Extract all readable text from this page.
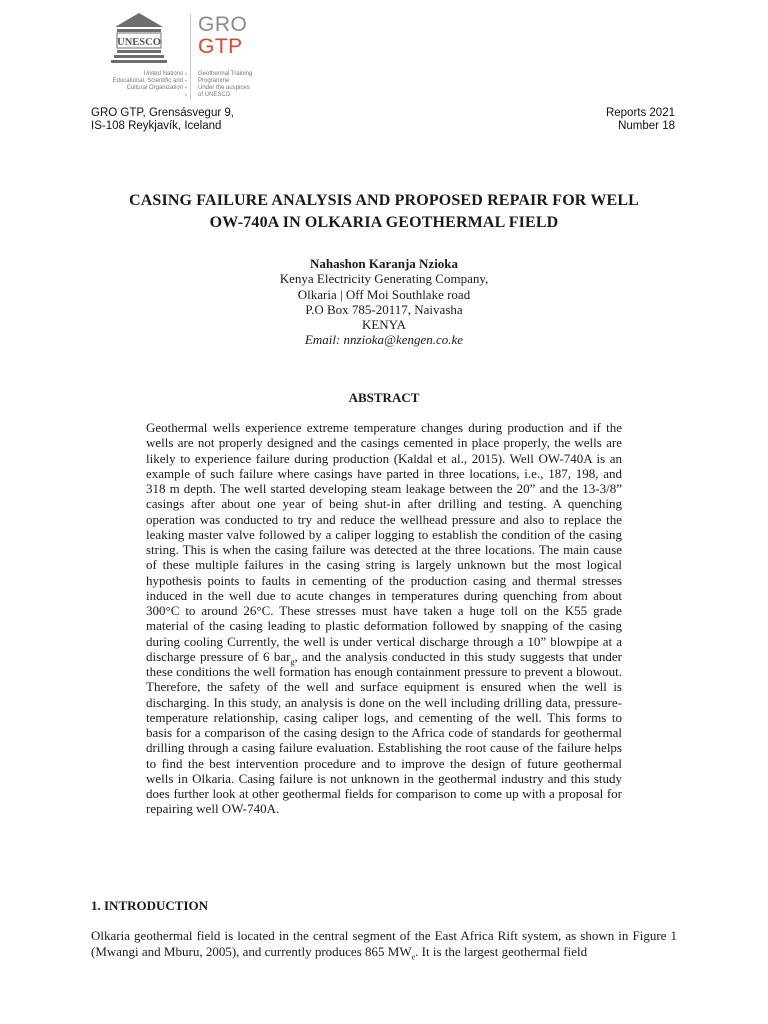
UNESCO
United Nations
Educational, Scientific and
Cultural Organization
•
•
•
•
GRO
GTP
Geothermal Training
Programme
Under the auspices
of UNESCO
GRO GTP, Grensásvegur 9,
IS-108 Reykjavík, Iceland
Reports 2021
Number 18
CASING FAILURE ANALYSIS AND PROPOSED REPAIR FOR WELL
OW-740A IN OLKARIA GEOTHERMAL FIELD
Nahashon Karanja Nzioka
Kenya Electricity Generating Company,
Olkaria | Off Moi Southlake road
P.O Box 785-20117, Naivasha
KENYA
Email: nnzioka@kengen.co.ke
ABSTRACT

Geothermal wells experience extreme temperature changes during production and if the wells are not properly designed and the casings cemented in place properly, the wells are likely to experience failure during production (Kaldal et al., 2015). Well OW-740A is an example of such failure where casings have parted in three locations, i.e., 187, 198, and 318 m depth. The well started developing steam leakage between the 20” and the 13-3/8” casings after about one year of being shut-in after drilling and testing. A quenching operation was conducted to try and reduce the wellhead pressure and also to replace the leaking master valve followed by a caliper logging to establish the condition of the casing string. This is when the casing failure was detected at the three locations. The main cause of these multiple failures in the casing string is largely unknown but the most logical hypothesis points to faults in cementing of the production casing and thermal stresses induced in the well due to acute changes in temperatures during quenching from about 300°C to around 26°C. These stresses must have taken a huge toll on the K55 grade material of the casing leading to plastic deformation followed by snapping of the casing during cooling Currently, the well is under vertical discharge through a 10” blowpipe at a discharge pressure of 6 bar$_g$, and the analysis conducted in this study suggests that under these conditions the well formation has enough containment pressure to prevent a blowout. Therefore, the safety of the well and surface equipment is ensured when the well is discharging. In this study, an analysis is done on the well including drilling data, pressure-temperature relationship, casing caliper logs, and cementing of the well. This forms to basis for a comparison of the casing design to the Africa code of standards for geothermal drilling through a casing failure evaluation. Establishing the root cause of the failure helps to find the best intervention procedure and to improve the design of future geothermal wells in Olkaria. Casing failure is not unknown in the geothermal industry and this study does further look at other geothermal fields for comparison to come up with a proposal for repairing well OW-740A.

1. INTRODUCTION

Olkaria geothermal field is located in the central segment of the East Africa Rift system, as shown in Figure 1 (Mwangi and Mburu, 2005), and currently produces 865 $MW_e$. It is the largest geothermal field
